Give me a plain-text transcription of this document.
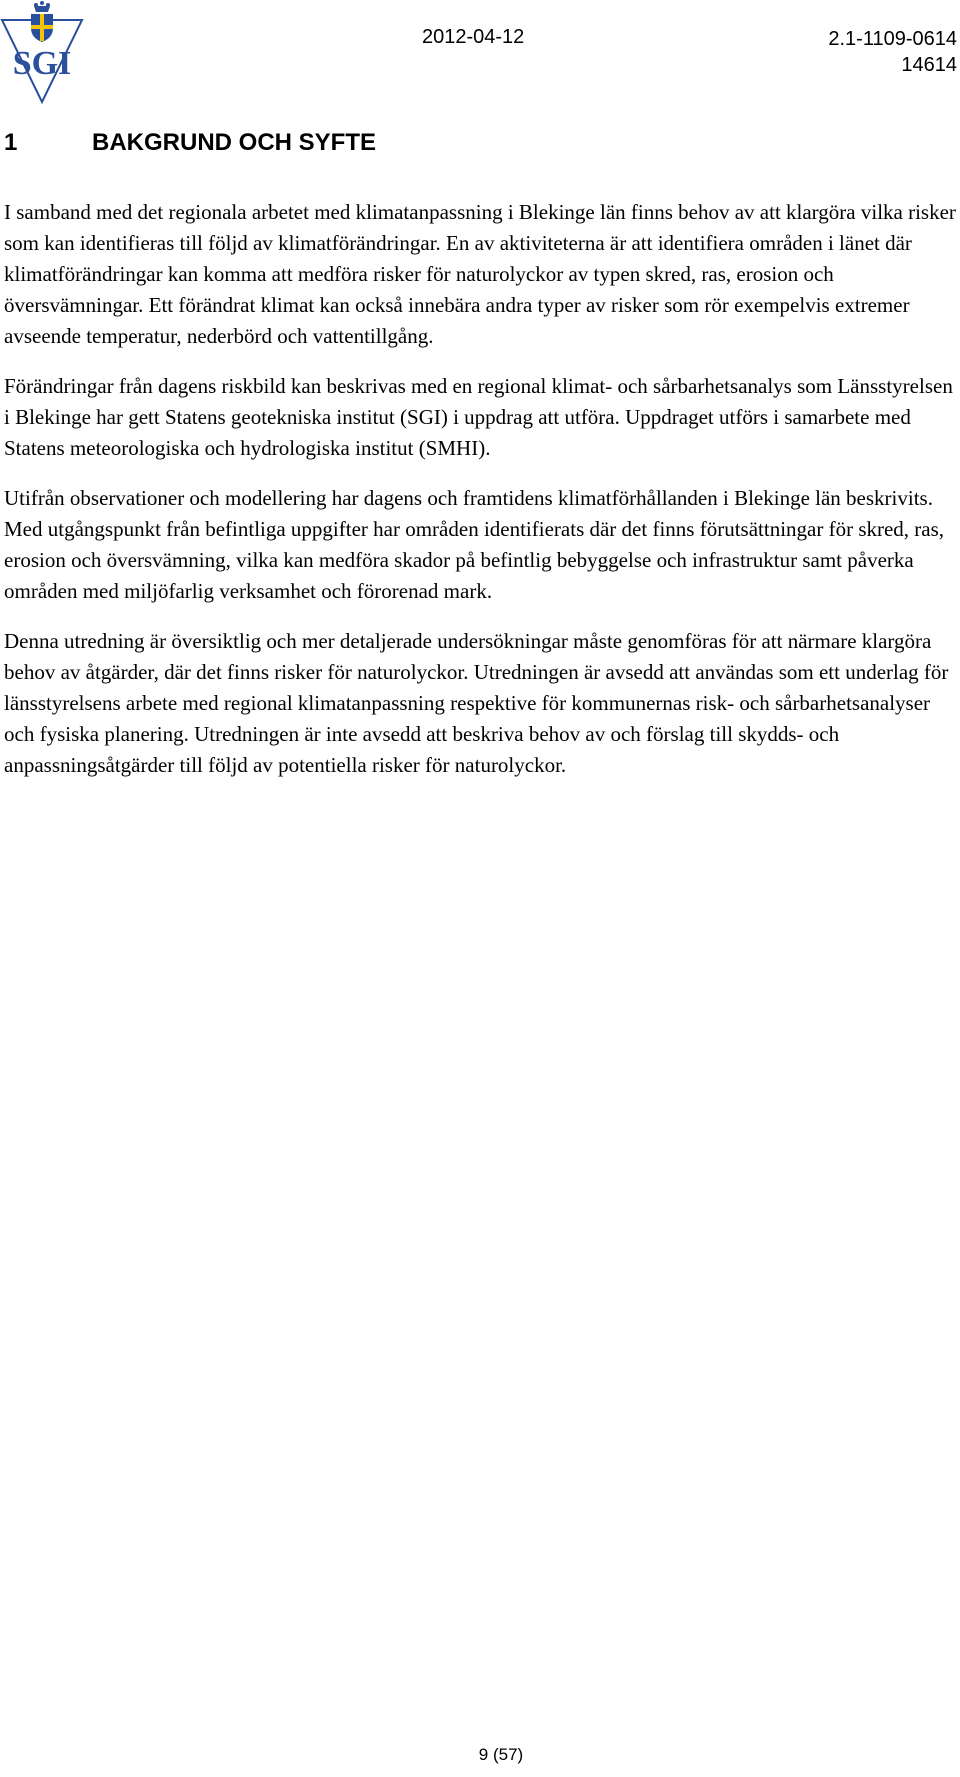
SGI
2012-04-12	2.1-1109-0614
14614
1	BAKGRUND OCH SYFTE

I samband med det regionala arbetet med klimatanpassning i Blekinge län finns behov av att klargöra vilka risker som kan identifieras till följd av klimatförändringar. En av aktiviteterna är att identifiera områden i länet där klimatförändringar kan komma att medföra risker för naturolyckor av typen skred, ras, erosion och översvämningar. Ett förändrat klimat kan också innebära andra typer av risker som rör exempelvis extremer avseende temperatur, nederbörd och vattentillgång.

Förändringar från dagens riskbild kan beskrivas med en regional klimat- och sårbarhetsanalys som Länsstyrelsen i Blekinge har gett Statens geotekniska institut (SGI) i uppdrag att utföra. Uppdraget utförs i samarbete med Statens meteorologiska och hydrologiska institut (SMHI).

Utifrån observationer och modellering har dagens och framtidens klimatförhållanden i Blekinge län beskrivits. Med utgångspunkt från befintliga uppgifter har områden identifierats där det finns förutsättningar för skred, ras, erosion och översvämning, vilka kan medföra skador på befintlig bebyggelse och infrastruktur samt påverka områden med miljöfarlig verksamhet och förorenad mark.

Denna utredning är översiktlig och mer detaljerade undersökningar måste genomföras för att närmare klargöra behov av åtgärder, där det finns risker för naturolyckor. Utredningen är avsedd att användas som ett underlag för länsstyrelsens arbete med regional klimatanpassning respektive för kommunernas risk- och sårbarhetsanalyser och fysiska planering. Utredningen är inte avsedd att beskriva behov av och förslag till skydds- och anpassningsåtgärder till följd av potentiella risker för naturolyckor.

9 (57)
